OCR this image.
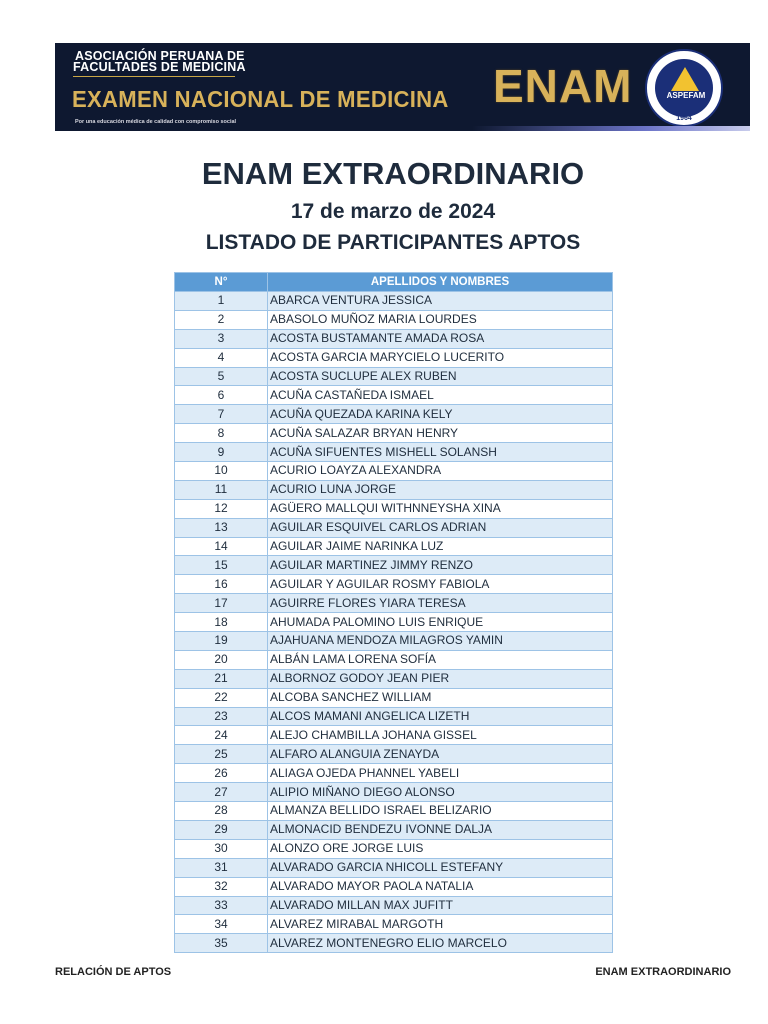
ASOCIACIÓN PERUANA DE
FACULTADES DE MEDICINA
EXAMEN NACIONAL DE MEDICINA
Por una educación médica de calidad con compromiso social
ENAM	ASPEFAM
1964
ENAM EXTRAORDINARIO
17 de marzo de 2024
LISTADO DE PARTICIPANTES APTOS
N°	APELLIDOS Y NOMBRES
1	ABARCA VENTURA JESSICA
2	ABASOLO MUÑOZ MARIA LOURDES
3	ACOSTA BUSTAMANTE AMADA ROSA
4	ACOSTA GARCIA MARYCIELO LUCERITO
5	ACOSTA SUCLUPE ALEX RUBEN
6	ACUÑA CASTAÑEDA ISMAEL
7	ACUÑA QUEZADA KARINA KELY
8	ACUÑA SALAZAR BRYAN HENRY
9	ACUÑA SIFUENTES MISHELL SOLANSH
10	ACURIO LOAYZA ALEXANDRA
11	ACURIO LUNA JORGE
12	AGÜERO MALLQUI WITHNNEYSHA XINA
13	AGUILAR ESQUIVEL CARLOS ADRIAN
14	AGUILAR JAIME NARINKA LUZ
15	AGUILAR MARTINEZ JIMMY RENZO
16	AGUILAR Y AGUILAR ROSMY FABIOLA
17	AGUIRRE FLORES YIARA TERESA
18	AHUMADA PALOMINO LUIS ENRIQUE
19	AJAHUANA MENDOZA MILAGROS YAMIN
20	ALBÁN LAMA LORENA SOFÍA
21	ALBORNOZ GODOY JEAN PIER
22	ALCOBA SANCHEZ WILLIAM
23	ALCOS MAMANI ANGELICA LIZETH
24	ALEJO CHAMBILLA JOHANA GISSEL
25	ALFARO ALANGUIA ZENAYDA
26	ALIAGA OJEDA PHANNEL YABELI
27	ALIPIO MIÑANO DIEGO ALONSO
28	ALMANZA BELLIDO ISRAEL BELIZARIO
29	ALMONACID BENDEZU IVONNE DALJA
30	ALONZO ORE JORGE LUIS
31	ALVARADO GARCIA NHICOLL ESTEFANY
32	ALVARADO MAYOR PAOLA NATALIA
33	ALVARADO MILLAN MAX JUFITT
34	ALVAREZ MIRABAL MARGOTH
35	ALVAREZ MONTENEGRO ELIO MARCELO
RELACIÓN DE APTOS	ENAM EXTRAORDINARIO
